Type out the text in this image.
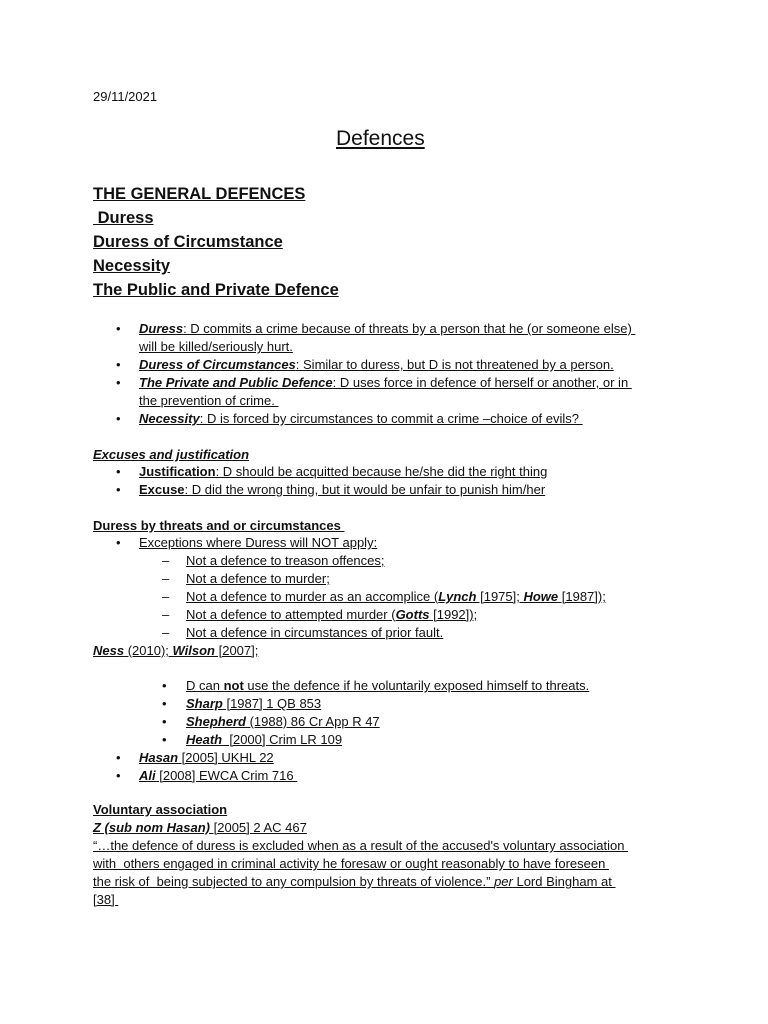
29/11/2021
Defences
THE GENERAL DEFENCES
Duress
Duress of Circumstance
Necessity
The Public and Private Defence
• Duress: D commits a crime because of threats by a person that he (or someone else)
will be killed/seriously hurt.
• Duress of Circumstances: Similar to duress, but D is not threatened by a person.
• The Private and Public Defence: D uses force in defence of herself or another, or in
the prevention of crime.
• Necessity: D is forced by circumstances to commit a crime –choice of evils?
Excuses and justification
• Justification: D should be acquitted because he/she did the right thing
• Excuse: D did the wrong thing, but it would be unfair to punish him/her
Duress by threats and or circumstances
• Exceptions where Duress will NOT apply:
– Not a defence to treason offences;
– Not a defence to murder;
– Not a defence to murder as an accomplice (Lynch [1975]; Howe [1987]);
– Not a defence to attempted murder (Gotts [1992]);
– Not a defence in circumstances of prior fault.
Ness (2010); Wilson [2007];
• D can not use the defence if he voluntarily exposed himself to threats.
• Sharp [1987] 1 QB 853
• Shepherd (1988) 86 Cr App R 47
• Heath  [2000] Crim LR 109
• Hasan [2005] UKHL 22
• Ali [2008] EWCA Crim 716
Voluntary association
Z (sub nom Hasan) [2005] 2 AC 467
“…the defence of duress is excluded when as a result of the accused's voluntary association
with  others engaged in criminal activity he foresaw or ought reasonably to have foreseen
the risk of  being subjected to any compulsion by threats of violence.” per Lord Bingham at
[38]
